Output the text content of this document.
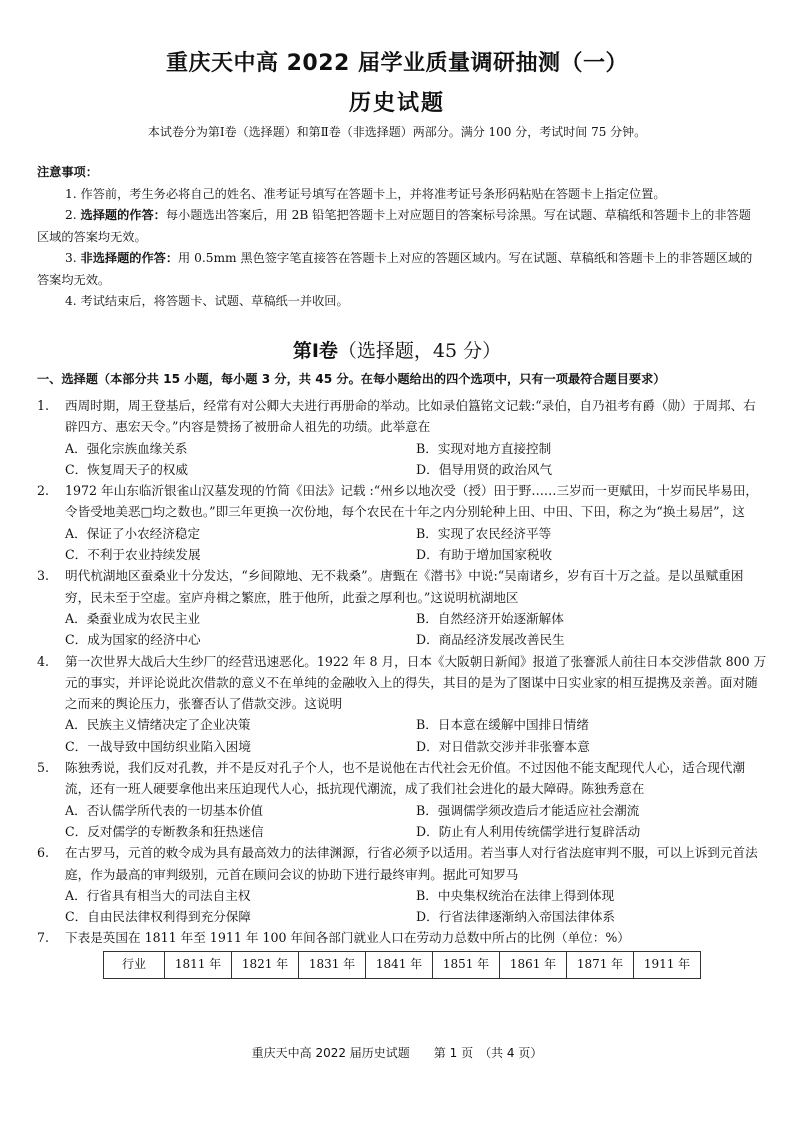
重庆天中高 2022 届学业质量调研抽测（一）
历史试题
本试卷分为第Ⅰ卷（选择题）和第Ⅱ卷（非选择题）两部分。满分 100 分，考试时间 75 分钟。

注意事项：

1. 作答前，考生务必将自己的姓名、准考证号填写在答题卡上，并将准考证号条形码粘贴在答题卡上指定位置。

2. 选择题的作答：每小题选出答案后，用 2B 铅笔把答题卡上对应题目的答案标号涂黑。写在试题、草稿纸和答题卡上的非答题区域的答案均无效。

3. 非选择题的作答：用 0.5mm 黑色签字笔直接答在答题卡上对应的答题区域内。写在试题、草稿纸和答题卡上的非答题区域的答案均无效。

4. 考试结束后，将答题卡、试题、草稿纸一并收回。

第Ⅰ卷（选择题，45 分）
一、选择题（本部分共 15 小题，每小题 3 分，共 45 分。在每小题给出的四个选项中，只有一项最符合题目要求）
1. 西周时期，周王登基后，经常有对公卿大夫进行再册命的举动。比如录伯簋铭文记载:“录伯，自乃祖考有爵（勋）于周邦、右辟四方、惠宏天令。”内容是赞扬了被册命人祖先的功绩。此举意在

A．强化宗族血缘关系	B．实现对地方直接控制
C．恢复周天子的权威	D．倡导用贤的政治风气
2. 1972 年山东临沂银雀山汉墓发现的竹简《田法》记载 :“州乡以地次受（授）田于野……三岁而一更赋田，十岁而民毕易田，令皆受地美恶□均之数也。”即三年更换一次份地，每个农民在十年之内分别轮种上田、中田、下田，称之为“换土易居”，这

A．保证了小农经济稳定	B．实现了农民经济平等
C．不利于农业持续发展	D．有助于增加国家税收
3. 明代杭湖地区蚕桑业十分发达，“乡间隙地、无不栽桑”。唐甄在《潜书》中说:“吴南诸乡，岁有百十万之益。是以虽赋重困穷，民未至于空虚。室庐舟楫之繁庶，胜于他所，此蚕之厚利也。”这说明杭湖地区

A．桑蚕业成为农民主业	B．自然经济开始逐渐解体
C．成为国家的经济中心	D．商品经济发展改善民生
4. 第一次世界大战后大生纱厂的经营迅速恶化。1922 年 8 月，日本《大阪朝日新闻》报道了张謇派人前往日本交涉借款 800 万元的事实，并评论说此次借款的意义不在单纯的金融收入上的得失，其目的是为了图谋中日实业家的相互提携及亲善。面对随之而来的舆论压力，张謇否认了借款交涉。这说明

A．民族主义情绪决定了企业决策	B．日本意在缓解中国排日情绪
C．一战导致中国纺织业陷入困境	D．对日借款交涉并非张謇本意
5. 陈独秀说，我们反对孔教，并不是反对孔子个人，也不是说他在古代社会无价值。不过因他不能支配现代人心，适合现代潮流，还有一班人硬要拿他出来压迫现代人心，抵抗现代潮流，成了我们社会进化的最大障碍。陈独秀意在

A．否认儒学所代表的一切基本价值	B．强调儒学须改造后才能适应社会潮流
C．反对儒学的专断教条和狂热迷信	D．防止有人利用传统儒学进行复辟活动
6. 在古罗马，元首的敕令成为具有最高效力的法律渊源，行省必须予以适用。若当事人对行省法庭审判不服，可以上诉到元首法庭，作为最高的审判级别，元首在顾问会议的协助下进行最终审判。据此可知罗马

A．行省具有相当大的司法自主权	B．中央集权统治在法律上得到体现
C．自由民法律权利得到充分保障	D．行省法律逐渐纳入帝国法律体系
7. 下表是英国在 1811 年至 1911 年 100 年间各部门就业人口在劳动力总数中所占的比例（单位：%）

行业	1811 年	1821 年	1831 年	1841 年	1851 年	1861 年	1871 年	1911 年
重庆天中高 2022 届历史试题　　第 1 页　（共 4 页）
